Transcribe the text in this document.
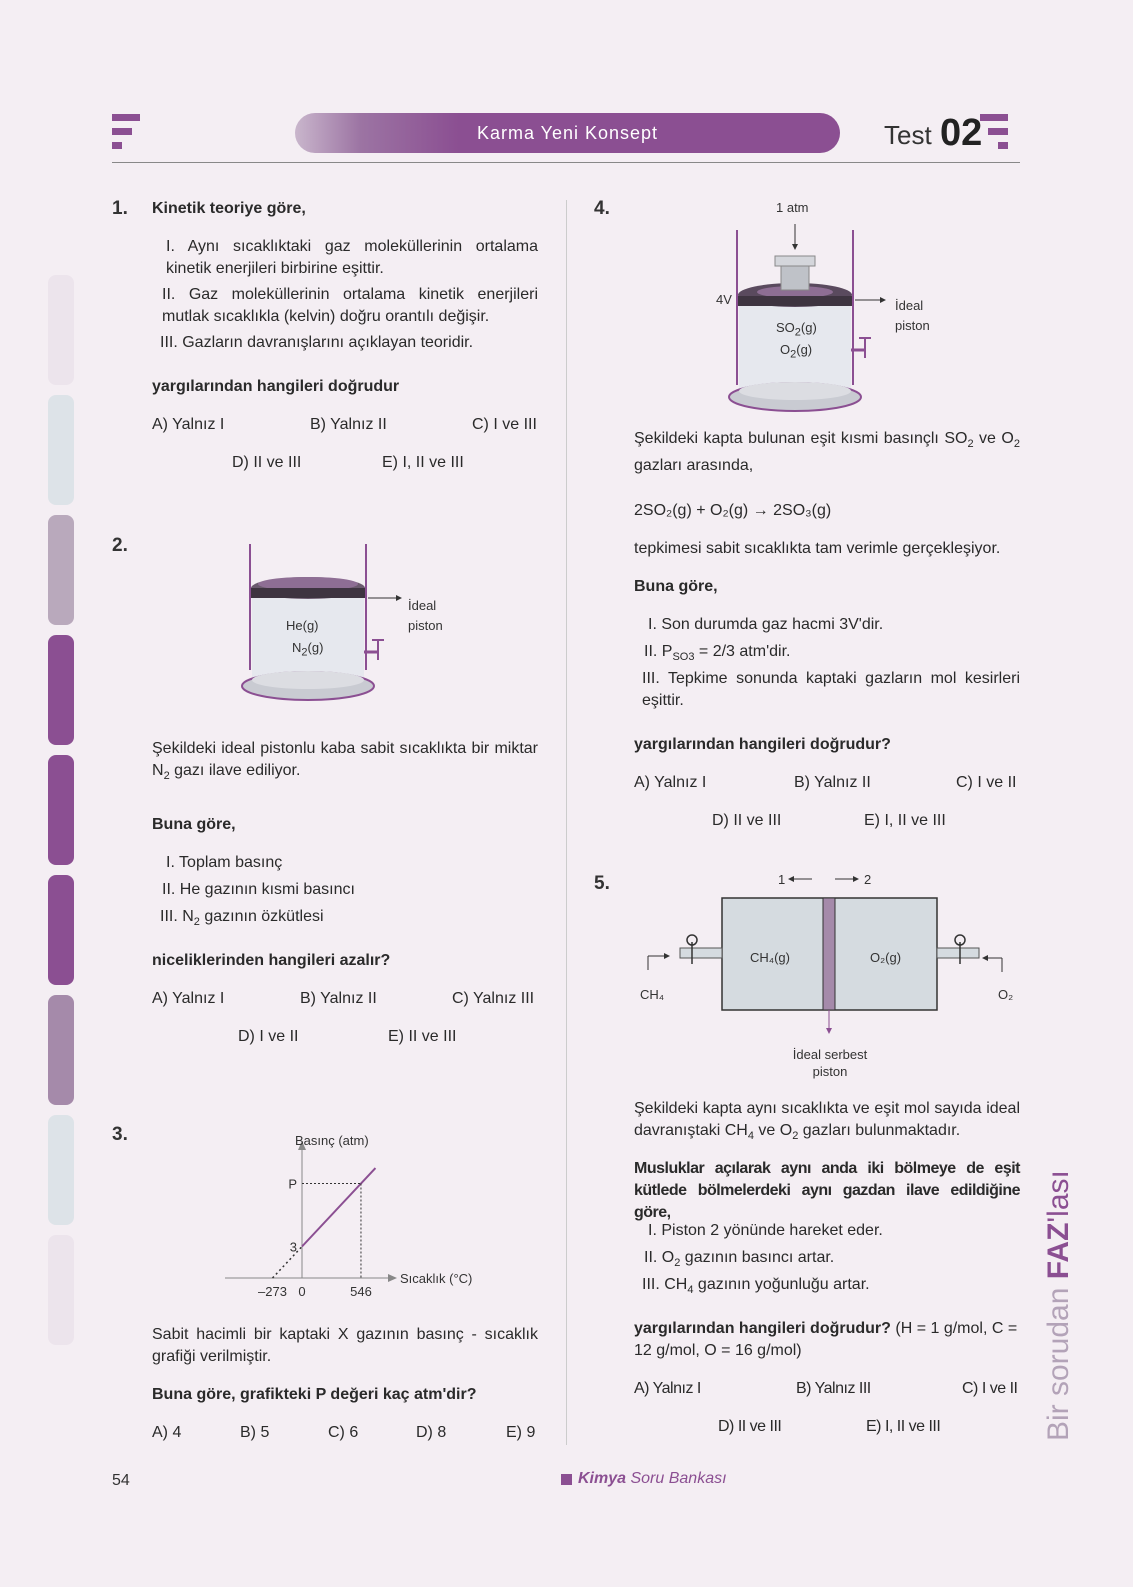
Karma Yeni Konsept	Test 02
1. Kinetik teoriye göre,
I. Aynı sıcaklıktaki gaz moleküllerinin ortalama kinetik enerjileri birbirine eşittir.
II. Gaz moleküllerinin ortalama kinetik enerjileri mutlak sıcaklıkla (kelvin) doğru orantılı değişir.
III. Gazların davranışlarını açıklayan teoridir.
yargılarından hangileri doğrudur
A) Yalnız I	B) Yalnız II	C) I ve III
D) II ve III	E) I, II ve III
2.
He(g)
$N_2(g)$
İdeal piston
Şekildeki ideal pistonlu kaba sabit sıcaklıkta bir miktar $N_2$ gazı ilave ediliyor.
Buna göre,
I. Toplam basınç
II. He gazının kısmi basıncı
III. $N_2$ gazının özkütlesi
niceliklerinden hangileri azalır?
A) Yalnız I	B) Yalnız II	C) Yalnız III
D) I ve II	E) II ve III
3.	Basınç (atm)
Sıcaklık (°C)
–273 0	546
3
P
Sabit hacimli bir kaptaki X gazının basınç - sıcaklık grafiği verilmiştir.
Buna göre, grafikteki P değeri kaç atm'dir?
A) 4	B) 5	C) 6	D) 8	E) 9
4.	1 atm
4V
$SO_2(g)$
$O_2(g)$
İdeal piston
Şekildeki kapta bulunan eşit kısmi basınçlı $SO_2$ ve $O_2$ gazları arasında,
2SO₂(g) + O₂(g) → 2SO₃(g)
tepkimesi sabit sıcaklıkta tam verimle gerçekleşiyor.
Buna göre,
I. Son durumda gaz hacmi 3V'dir.
II. $P_{SO3} = 2/3$ atm'dir.
III. Tepkime sonunda kaptaki gazların mol kesirleri eşittir.
yargılarından hangileri doğrudur?
A) Yalnız I	B) Yalnız II	C) I ve II
D) II ve III	E) I, II ve III
5.	1	2
CH₄(g)	O₂(g)
CH₄	O₂
İdeal serbest piston
Şekildeki kapta aynı sıcaklıkta ve eşit mol sayıda ideal davranıştaki $CH_4$ ve $O_2$ gazları bulunmaktadır.
Musluklar açılarak aynı anda iki bölmeye de eşit kütlede bölmelerdeki aynı gazdan ilave edildiğine göre,
I. Piston 2 yönünde hareket eder.
II. $O_2$ gazının basıncı artar.
III. $CH_4$ gazının yoğunluğu artar.
yargılarından hangileri doğrudur? (H = 1 g/mol, C = 12 g/mol, O = 16 g/mol)
A) Yalnız I	B) Yalnız III	C) I ve II
D) II ve III	E) I, II ve III	Bir sorudan FAZ'lası
54	Kimya Soru Bankası
